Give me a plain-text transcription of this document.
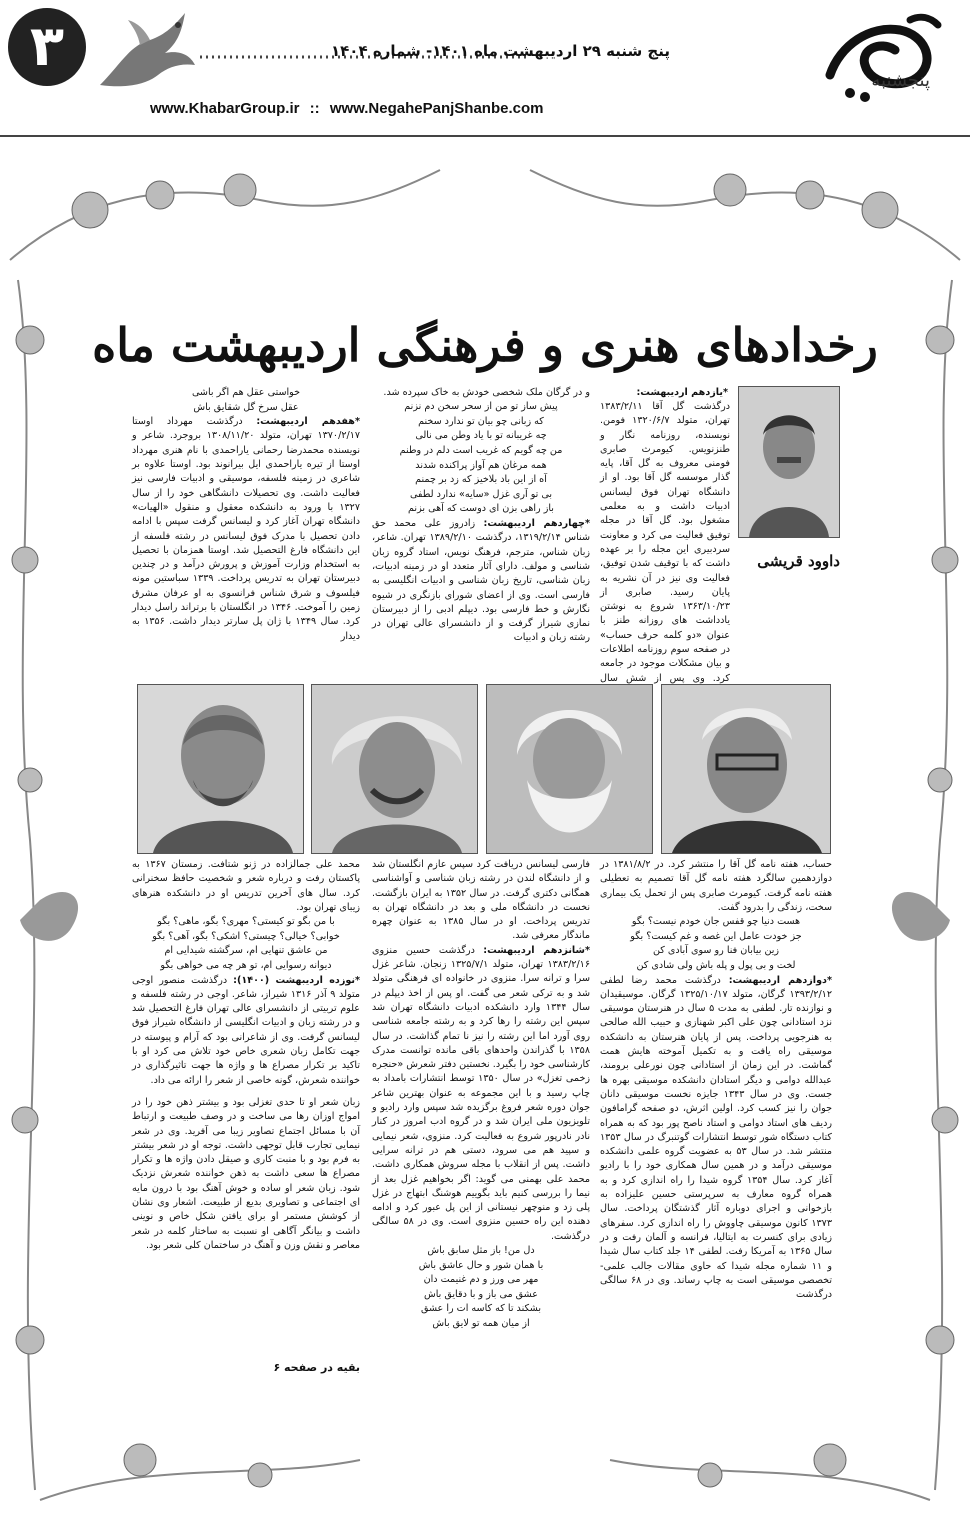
۳	پنج شنبه ۲۹ اردیبهشت ماه ۱۴۰۱- شماره ۱۴۰۴
پنجشنبه
www.KhabarGroup.ir :: www.NegahePanjShanbe.com
رخدادهای هنری و فرهنگی اردیبهشت ماه
داوود قریشی

*یازدهم اردیبهشت:

درگذشت گل آقا ۱۳۸۳/۲/۱۱ تهران، متولد ۱۳۲۰/۶/۷ فومن. نویسنده، روزنامه نگار و طنزنویس. کیومرث صابری فومنی معروف به گل آقا، پایه گذار موسسه گل آقا بود. او از دانشگاه تهران فوق لیسانس ادبیات داشت و به معلمی مشغول بود. گل آقا در مجله توفیق فعالیت می کرد و معاونت سردبیری این مجله را بر عهده داشت که با توقیف شدن توفیق، فعالیت وی نیز در آن نشریه به پایان رسید. صابری از ۱۳۶۳/۱۰/۲۳ شروع به نوشتن یادداشت های روزانه طنز با عنوان «دو کلمه حرف حساب» در صفحه سوم روزنامه اطلاعات و بیان مشکلات موجود در جامعه کرد. وی پس از شش سال

و در گرگان ملک شخصی خودش به خاک سپرده شد.

پیش ساز تو من از سحر سخن دم نزنم

که زبانی چو بیان تو ندارد سخنم

چه غریبانه تو با یاد وطن می نالی

من چه گویم که غریب است دلم در وطنم

همه مرغان هم آواز پراکنده شدند

آه از این باد بلاخیز که زد بر چمنم

بی تو آری غزل «سایه» ندارد لطفی

باز راهی بزن ای دوست که آهی بزنم

*چهاردهم اردیبهشت: زادروز علی محمد حق شناس ۱۳۱۹/۲/۱۴، درگذشت ۱۳۸۹/۲/۱۰ تهران. شاعر، زبان شناس، مترجم، فرهنگ نویس، استاد گروه زبان شناسی و مولف. دارای آثار متعدد او در زمینه ادبیات، زبان شناسی، تاریخ زبان شناسی و ادبیات انگلیسی به فارسی است. وی از اعضای شورای بازنگری در شیوه نگارش و خط فارسی بود. دیپلم ادبی را از دبیرستان نمازی شیراز گرفت و از دانشسرای عالی تهران در رشته زبان و ادبیات

خواستی عقل هم اگر باشی

عقل سرخ گل شقایق باش

*هفدهم اردیبهشت: درگذشت مهرداد اوستا ۱۳۷۰/۲/۱۷ تهران، متولد ۱۳۰۸/۱۱/۲۰ بروجرد. شاعر و نویسنده محمدرضا رحمانی یاراحمدی با نام هنری مهرداد اوستا از تیره یاراحمدی ایل بیرانوند بود. اوستا علاوه بر شاعری در زمینه فلسفه، موسیقی و ادبیات فارسی نیز فعالیت داشت. وی تحصیلات دانشگاهی خود را از سال ۱۳۲۷ با ورود به دانشکده معقول و منقول «الهیات» دانشگاه تهران آغاز کرد و لیسانس گرفت سپس با ادامه دادن تحصیل با مدرک فوق لیسانس در رشته فلسفه از این دانشگاه فارغ التحصیل شد. اوستا همزمان با تحصیل به استخدام وزارت آموزش و پرورش درآمد و در چندین دبیرستان تهران به تدریس پرداخت. ۱۳۳۹ سباستین مونه فیلسوف و شرق شناس فرانسوی به او عرفان مشرق زمین را آموخت. ۱۳۴۶ در انگلستان با برتراند راسل دیدار کرد. سال ۱۳۴۹ با ژان پل سارتر دیدار داشت. ۱۳۵۶ به دیدار

حساب، هفته نامه گل آقا را منتشر کرد. در ۱۳۸۱/۸/۲ در دوازدهمین سالگرد هفته نامه گل آقا تصمیم به تعطیلی هفته نامه گرفت. کیومرث صابری پس از تحمل یک بیماری سخت، زندگی را بدرود گفت.

هست دنیا چو قفس جان خودم نیست؟ بگو

جز خودت عامل این غصه و غم کیست؟ بگو

زین بیابان فنا رو سوی آبادی کن

لخت و بی پول و پله باش ولی شادی کن

*دوازدهم اردیبهشت: درگذشت محمد رضا لطفی ۱۳۹۳/۲/۱۲ گرگان، متولد ۱۳۲۵/۱۰/۱۷ گرگان. موسیقیدان و نوازنده تار. لطفی به مدت ۵ سال در هنرستان موسیقی نزد استادانی چون علی اکبر شهنازی و حبیب الله صالحی به هنرجویی پرداخت. پس از پایان هنرستان به دانشکده موسیقی راه یافت و به تکمیل آموخته هایش همت گماشت. در این زمان از استادانی چون نورعلی برومند، عبدالله دوامی و دیگر استادان دانشکده موسیقی بهره ها جست. وی در سال ۱۳۴۳ جایزه نخست موسیقی دانان جوان را نیز کسب کرد. اولین اثرش، دو صفحه گرامافون ردیف های استاد دوامی و استاد ناصح پور بود که به همراه کتاب دستگاه شور توسط انتشارات گوتنبرگ در سال ۱۳۵۳ منتشر شد. در سال ۵۳ به عضویت گروه علمی دانشکده موسیقی درآمد و در همین سال همکاری خود را با رادیو آغاز کرد. سال ۱۳۵۴ گروه شیدا را راه اندازی کرد و به همراه گروه معارف به سرپرستی حسین علیزاده به بازخوانی و اجرای دوباره آثار گذشتگان پرداخت. سال ۱۳۷۳ کانون موسیقی چاووش را راه اندازی کرد. سفرهای زیادی برای کنسرت به ایتالیا، فرانسه و آلمان رفت و در سال ۱۳۶۵ به آمریکا رفت. لطفی ۱۴ جلد کتاب سال شیدا و ۱۱ شماره مجله شیدا که حاوی مقالات جالب علمی- تخصصی موسیقی است به چاپ رساند. وی در ۶۸ سالگی درگذشت

فارسی لیسانس دریافت کرد سپس عازم انگلستان شد و از دانشگاه لندن در رشته زبان شناسی و آواشناسی همگانی دکتری گرفت. در سال ۱۳۵۲ به ایران بازگشت. نخست در دانشگاه ملی و بعد در دانشگاه تهران به تدریس پرداخت. او در سال ۱۳۸۵ به عنوان چهره ماندگار معرفی شد.

*شانزدهم اردیبهشت: درگذشت حسین منزوی ۱۳۸۳/۲/۱۶ تهران، متولد ۱۳۲۵/۷/۱ زنجان. شاعر غزل سرا و ترانه سرا. منزوی در خانواده ای فرهنگی متولد شد و به ترکی شعر می گفت. او پس از اخذ دیپلم در سال ۱۳۴۴ وارد دانشکده ادبیات دانشگاه تهران شد سپس این رشته را رها کرد و به رشته جامعه شناسی روی آورد اما این رشته را نیز نا تمام گذاشت. در سال ۱۳۵۸ با گذراندن واحدهای باقی مانده توانست مدرک کارشناسی خود را بگیرد. نخستین دفتر شعرش «حنجره زخمی تغزل» در سال ۱۳۵۰ توسط انتشارات بامداد به چاپ رسید و با این مجموعه به عنوان بهترین شاعر جوان دوره شعر فروغ برگزیده شد سپس وارد رادیو و تلویزیون ملی ایران شد و در گروه ادب امروز در کنار نادر نادرپور شروع به فعالیت کرد. منزوی، شعر نیمایی و سپید هم می سرود، دستی هم در ترانه سرایی داشت. پس از انقلاب با مجله سروش همکاری داشت. محمد علی بهمنی می گوید: اگر بخواهیم غزل بعد از نیما را بررسی کنیم باید بگوییم هوشنگ ابتهاج در غزل پلی زد و منوچهر نیستانی از این پل عبور کرد و ادامه دهنده این راه حسین منزوی است. وی در ۵۸ سالگی درگذشت.

دل من! باز مثل سابق باش

با همان شور و حال عاشق باش

مهر می ورز و دم غنیمت دان

عشق می باز و با دقایق باش

بشکند تا که کاسه ات را عشق

از میان همه تو لایق باش

محمد علی جمالزاده در ژنو شتافت. زمستان ۱۳۶۷ به پاکستان رفت و درباره شعر و شخصیت حافظ سخنرانی کرد. سال های آخرین تدریس او در دانشکده هنرهای زیبای تهران بود.

با من بگو تو کیستی؟ مهری؟ بگو، ماهی؟ بگو

خوابی؟ خیالی؟ چیستی؟ اشکی؟ بگو، آهی؟ بگو

من عاشق تنهایی ام، سرگشته شیدایی ام

دیوانه رسوایی ام، تو هر چه می خواهی بگو

*نوزده اردیبهشت (۱۴۰۰): درگذشت منصور اوجی متولد ۹ آذر ۱۳۱۶ شیراز، شاعر. اوجی در رشته فلسفه و علوم تربیتی از دانشسرای عالی تهران فارغ التحصیل شد و در رشته زبان و ادبیات انگلیسی از دانشگاه شیراز فوق لیسانس گرفت. وی از شاعرانی بود که آرام و پیوسته در جهت تکامل زبان شعری خاص خود تلاش می کرد او با تاکید بر تکرار مصراع ها و واژه ها جهت تاثیرگذاری در خواننده شعرش، گونه خاصی از شعر را ارائه می داد.

زبان شعر او تا حدی تغزلی بود و بیشتر ذهن خود را در امواج اوزان رها می ساخت و در وصف طبیعت و ارتباط آن با مسائل اجتماع تصاویر زیبا می آفرید. وی در شعر نیمایی تجارب قابل توجهی داشت. توجه او در شعر بیشتر به فرم بود و با منبت کاری و صیقل دادن واژه ها و تکرار مصراع ها سعی داشت به ذهن خواننده شعرش نزدیک شود. زبان شعر او ساده و خوش آهنگ بود با درون مایه ای اجتماعی و تصاویری بدیع از طبیعت. اشعار وی نشان از کوشش مستمر او برای یافتن شکل خاص و نوینی داشت و بیانگر آگاهی او نسبت به ساختار کلمه در شعر معاصر و نقش وزن و آهنگ در ساختمان کلی شعر بود.

بقیه در صفحه ۶
